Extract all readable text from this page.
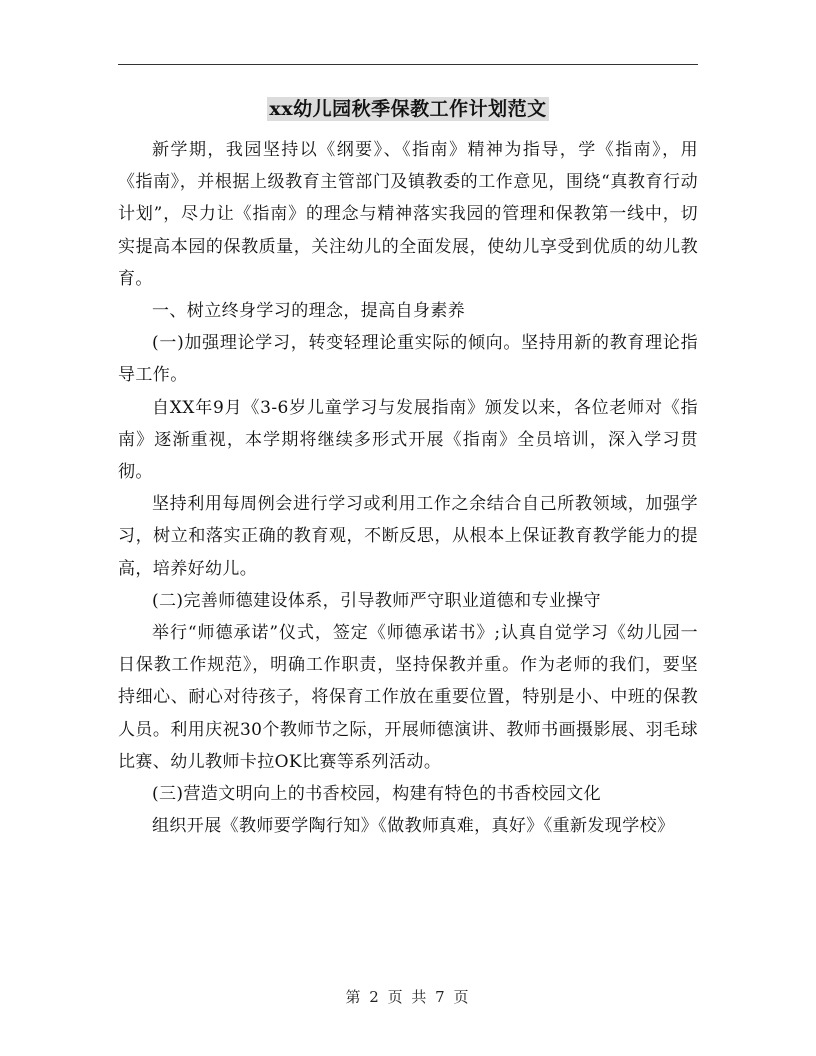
xx幼儿园秋季保教工作计划范文

新学期，我园坚持以《纲要》、《指南》精神为指导，学《指南》，用《指南》，并根据上级教育主管部门及镇教委的工作意见，围绕“真教育行动计划”，尽力让《指南》的理念与精神落实我园的管理和保教第一线中，切实提高本园的保教质量，关注幼儿的全面发展，使幼儿享受到优质的幼儿教育。

一、树立终身学习的理念，提高自身素养

(一)加强理论学习，转变轻理论重实际的倾向。坚持用新的教育理论指导工作。

自XX年9月《3-6岁儿童学习与发展指南》颁发以来，各位老师对《指南》逐渐重视，本学期将继续多形式开展《指南》全员培训，深入学习贯彻。

坚持利用每周例会进行学习或利用工作之余结合自己所教领域，加强学习，树立和落实正确的教育观，不断反思，从根本上保证教育教学能力的提高，培养好幼儿。

(二)完善师德建设体系，引导教师严守职业道德和专业操守

举行“师德承诺”仪式，签定《师德承诺书》;认真自觉学习《幼儿园一日保教工作规范》，明确工作职责，坚持保教并重。作为老师的我们，要坚持细心、耐心对待孩子，将保育工作放在重要位置，特别是小、中班的保教人员。利用庆祝30个教师节之际，开展师德演讲、教师书画摄影展、羽毛球比赛、幼儿教师卡拉OK比赛等系列活动。

(三)营造文明向上的书香校园，构建有特色的书香校园文化

组织开展《教师要学陶行知》《做教师真难，真好》《重新发现学校》

第 2 页 共 7 页
